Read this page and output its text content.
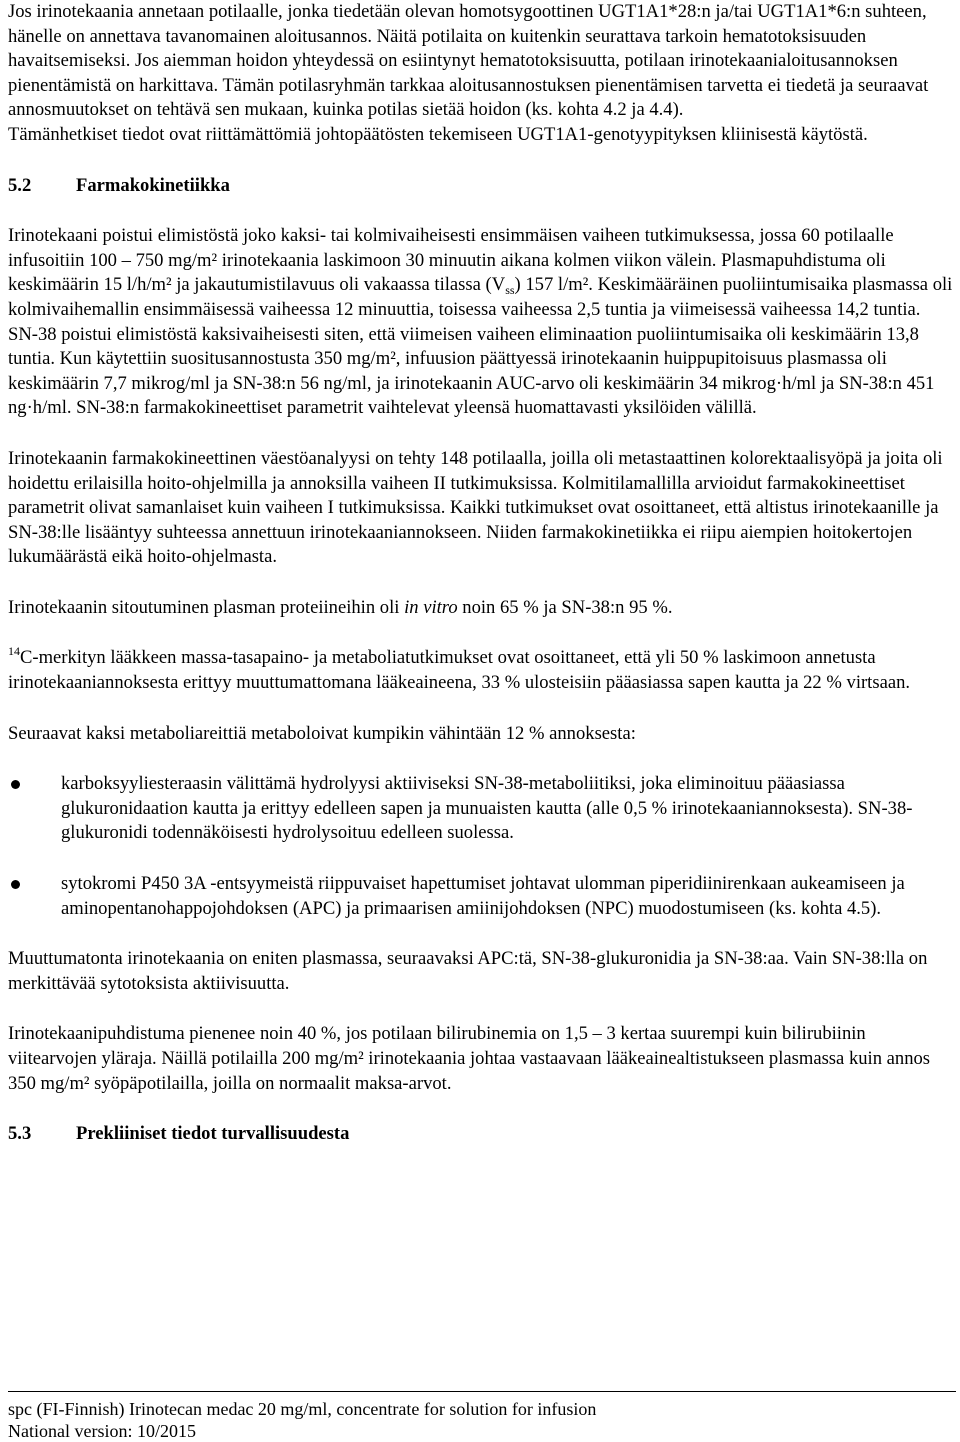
Jos irinotekaania annetaan potilaalle, jonka tiedetään olevan homotsygoottinen UGT1A1*28:n ja/tai UGT1A1*6:n suhteen, hänelle on annettava tavanomainen aloitusannos. Näitä potilaita on kuitenkin seurattava tarkoin hematotoksisuuden havaitsemiseksi. Jos aiemman hoidon yhteydessä on esiintynyt hematotoksisuutta, potilaan irinotekaanialoitusannoksen pienentämistä on harkittava. Tämän potilasryhmän tarkkaa aloitusannostuksen pienentämisen tarvetta ei tiedetä ja seuraavat annosmuutokset on tehtävä sen mukaan, kuinka potilas sietää hoidon (ks. kohta 4.2 ja 4.4).

Tämänhetkiset tiedot ovat riittämättömiä johtopäätösten tekemiseen UGT1A1-genotyypityksen kliinisestä käytöstä.

5.2 Farmakokinetiikka

Irinotekaani poistui elimistöstä joko kaksi- tai kolmivaiheisesti ensimmäisen vaiheen tutkimuksessa, jossa 60 potilaalle infusoitiin 100 – 750 mg/m² irinotekaania laskimoon 30 minuutin aikana kolmen viikon välein. Plasmapuhdistuma oli keskimäärin 15 l/h/m² ja jakautumistilavuus oli vakaassa tilassa $(V_{ss})$ 157 l/m². Keskimääräinen puoliintumisaika plasmassa oli kolmivaihemallin ensimmäisessä vaiheessa 12 minuuttia, toisessa vaiheessa 2,5 tuntia ja viimeisessä vaiheessa 14,2 tuntia. SN-38 poistui elimistöstä kaksivaiheisesti siten, että viimeisen vaiheen eliminaation puoliintumisaika oli keskimäärin 13,8 tuntia. Kun käytettiin suositusannostusta 350 mg/m², infuusion päättyessä irinotekaanin huippupitoisuus plasmassa oli keskimäärin 7,7 mikrog/ml ja SN-38:n 56 ng/ml, ja irinotekaanin AUC-arvo oli keskimäärin 34 mikrog·h/ml ja SN-38:n 451 ng·h/ml. SN-38:n farmakokineettiset parametrit vaihtelevat yleensä huomattavasti yksilöiden välillä.

Irinotekaanin farmakokineettinen väestöanalyysi on tehty 148 potilaalla, joilla oli metastaattinen kolorektaalisyöpä ja joita oli hoidettu erilaisilla hoito-ohjelmilla ja annoksilla vaiheen II tutkimuksissa. Kolmitilamallilla arvioidut farmakokineettiset parametrit olivat samanlaiset kuin vaiheen I tutkimuksissa. Kaikki tutkimukset ovat osoittaneet, että altistus irinotekaanille ja SN-38:lle lisääntyy suhteessa annettuun irinotekaaniannokseen. Niiden farmakokinetiikka ei riipu aiempien hoitokertojen lukumäärästä eikä hoito-ohjelmasta.

Irinotekaanin sitoutuminen plasman proteiineihin oli in vitro noin 65 % ja SN-38:n 95 %.

$^{14}$C-merkityn lääkkeen massa-tasapaino- ja metaboliatutkimukset ovat osoittaneet, että yli 50 % laskimoon annetusta irinotekaaniannoksesta erittyy muuttumattomana lääkeaineena, 33 % ulosteisiin pääasiassa sapen kautta ja 22 % virtsaan.

Seuraavat kaksi metaboliareittiä metaboloivat kumpikin vähintään 12 % annoksesta:

karboksyyliesteraasin välittämä hydrolyysi aktiiviseksi SN-38-metaboliitiksi, joka eliminoituu pääasiassa glukuronidaation kautta ja erittyy edelleen sapen ja munuaisten kautta (alle 0,5 % irinotekaaniannoksesta). SN-38-glukuronidi todennäköisesti hydrolysoituu edelleen suolessa.
sytokromi P450 3A -entsyymeistä riippuvaiset hapettumiset johtavat ulomman piperidiinirenkaan aukeamiseen ja aminopentanohappojohdoksen (APC) ja primaarisen amiinijohdoksen (NPC) muodostumiseen (ks. kohta 4.5).

Muuttumatonta irinotekaania on eniten plasmassa, seuraavaksi APC:tä, SN-38-glukuronidia ja SN-38:aa. Vain SN-38:lla on merkittävää sytotoksista aktiivisuutta.

Irinotekaanipuhdistuma pienenee noin 40 %, jos potilaan bilirubinemia on 1,5 – 3 kertaa suurempi kuin bilirubiinin viitearvojen yläraja. Näillä potilailla 200 mg/m² irinotekaania johtaa vastaavaan lääkeainealtistukseen plasmassa kuin annos 350 mg/m² syöpäpotilailla, joilla on normaalit maksa-arvot.

5.3 Prekliiniset tiedot turvallisuudesta
spc (FI-Finnish) Irinotecan medac 20 mg/ml, concentrate for solution for infusion
National version: 10/2015
